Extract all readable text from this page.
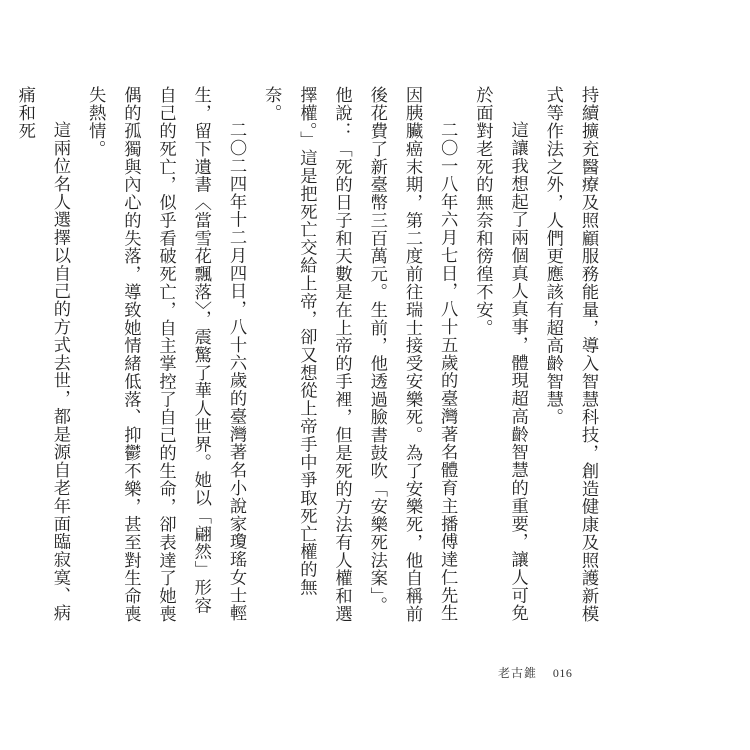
持續擴充醫療及照顧服務能量，導入智慧科技，創造健康及照護新模式等作法之外，人們更應該有超高齡智慧。

這讓我想起了兩個真人真事，體現超高齡智慧的重要，讓人可免於面對老死的無奈和徬徨不安。

二〇一八年六月七日，八十五歲的臺灣著名體育主播傅達仁先生因胰臟癌末期，第二度前往瑞士接受安樂死。為了安樂死，他自稱前後花費了新臺幣三百萬元。生前，他透過臉書鼓吹「安樂死法案」。他說：「死的日子和天數是在上帝的手裡，但是死的方法有人權和選擇權。」這是把死亡交給上帝，卻又想從上帝手中爭取死亡權的無奈。

二〇二四年十二月四日，八十六歲的臺灣著名小說家瓊瑤女士輕生，留下遺書〈當雪花飄落〉，震驚了華人世界。她以「翩然」形容自己的死亡，似乎看破死亡，自主掌控了自己的生命，卻表達了她喪偶的孤獨與內心的失落，導致她情緒低落、抑鬱不樂，甚至對生命喪失熱情。

這兩位名人選擇以自己的方式去世，都是源自老年面臨寂寞、病痛和死

老古錐 016
